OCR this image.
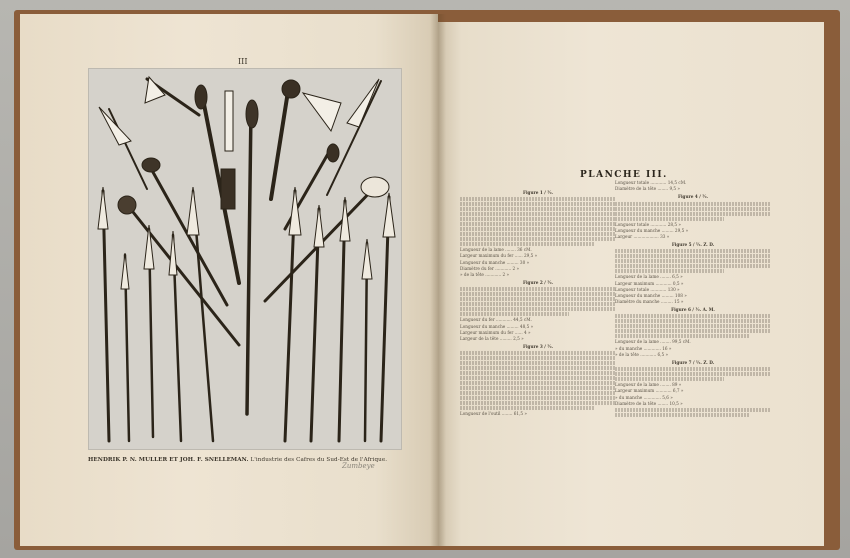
III
HENDRIK P. N. MULLER ET JOH. F. SNELLEMAN. L'industrie des Cafres du Sud-Est de l'Afrique.
Zumbeye
PLANCHE III.
Figure 1 / ½.
Longueur de la lame ........ 36 cM.
Largeur maximum du fer ...... 29,5 »
Longueur du manche ......... 30 »
Diamètre du fer ............ 2 »
» de la tête ............ 2 »
Figure 2 / ½.
Longueur du fer ............ 44,5 cM.
Longueur du manche ......... 48,5 »
Largeur maximum du fer ...... 4 »
Largeur de la tête ......... 2,5 »
Figure 3 / ½.
Longueur de l'outil ........ 61,5 »
Longueur totale ............ 14,5 cM.
Diamètre de la tête ........ 9,5 »
Figure 4 / ½.
Longueur totale ............ 28,5 »
Longueur du manche ......... 29,5 »
Largeur ................... 33 »
Figure 5 / ½. Z. D.
Longueur de la lame ........ 6,5 »
Largeur maximum ............ 0,5 »
Longueur totale ............ 130 »
Longueur du manche ......... 108 »
Diamètre du manche ......... 15 »
Figure 6 / ½. A. M.
Longueur de la lame ........ 99,5 cM.
» du manche ............. 16 »
» de la tête ............ 6,5 »
Figure 7 / ½. Z. D.
Longueur de la lame ........ 89 »
Largeur maximum ............ 6,7 »
» du manche ............. 5,6 »
Diamètre de la tête ........ 10,5 »
